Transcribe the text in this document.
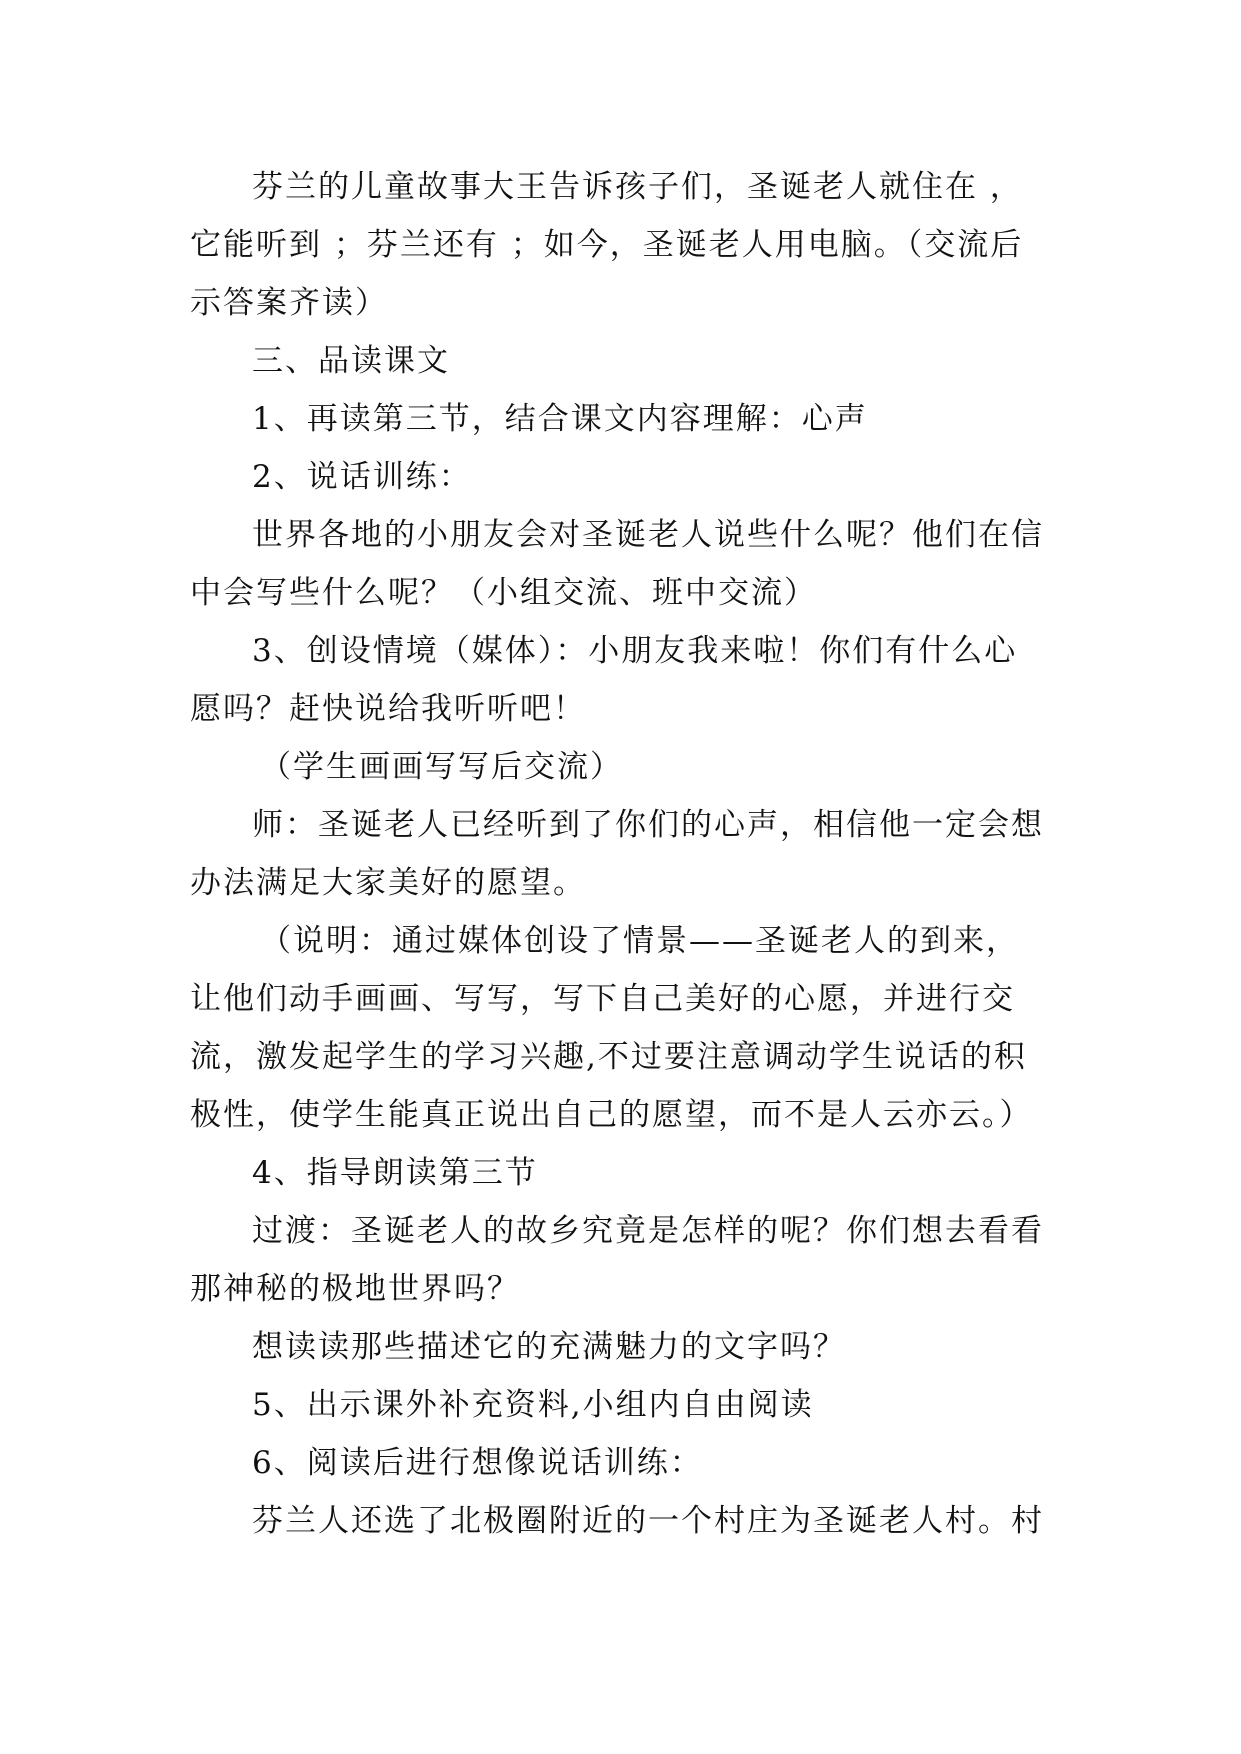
芬兰的儿童故事大王告诉孩子们，圣诞老人就住在 ，它能听到 ；芬兰还有 ；如今，圣诞老人用电脑。（交流后示答案齐读）

三、品读课文

1、再读第三节，结合课文内容理解：心声

2、说话训练：

世界各地的小朋友会对圣诞老人说些什么呢？他们在信中会写些什么呢？（小组交流、班中交流）

3、创设情境（媒体）：小朋友我来啦！你们有什么心愿吗？赶快说给我听听吧！

（学生画画写写后交流）

师：圣诞老人已经听到了你们的心声，相信他一定会想办法满足大家美好的愿望。

（说明：通过媒体创设了情景——圣诞老人的到来，让他们动手画画、写写，写下自己美好的心愿，并进行交流，激发起学生的学习兴趣,不过要注意调动学生说话的积极性，使学生能真正说出自己的愿望，而不是人云亦云。）

4、指导朗读第三节

过渡：圣诞老人的故乡究竟是怎样的呢？你们想去看看那神秘的极地世界吗？

想读读那些描述它的充满魅力的文字吗？

5、出示课外补充资料,小组内自由阅读

6、阅读后进行想像说话训练：

芬兰人还选了北极圈附近的一个村庄为圣诞老人村。村
